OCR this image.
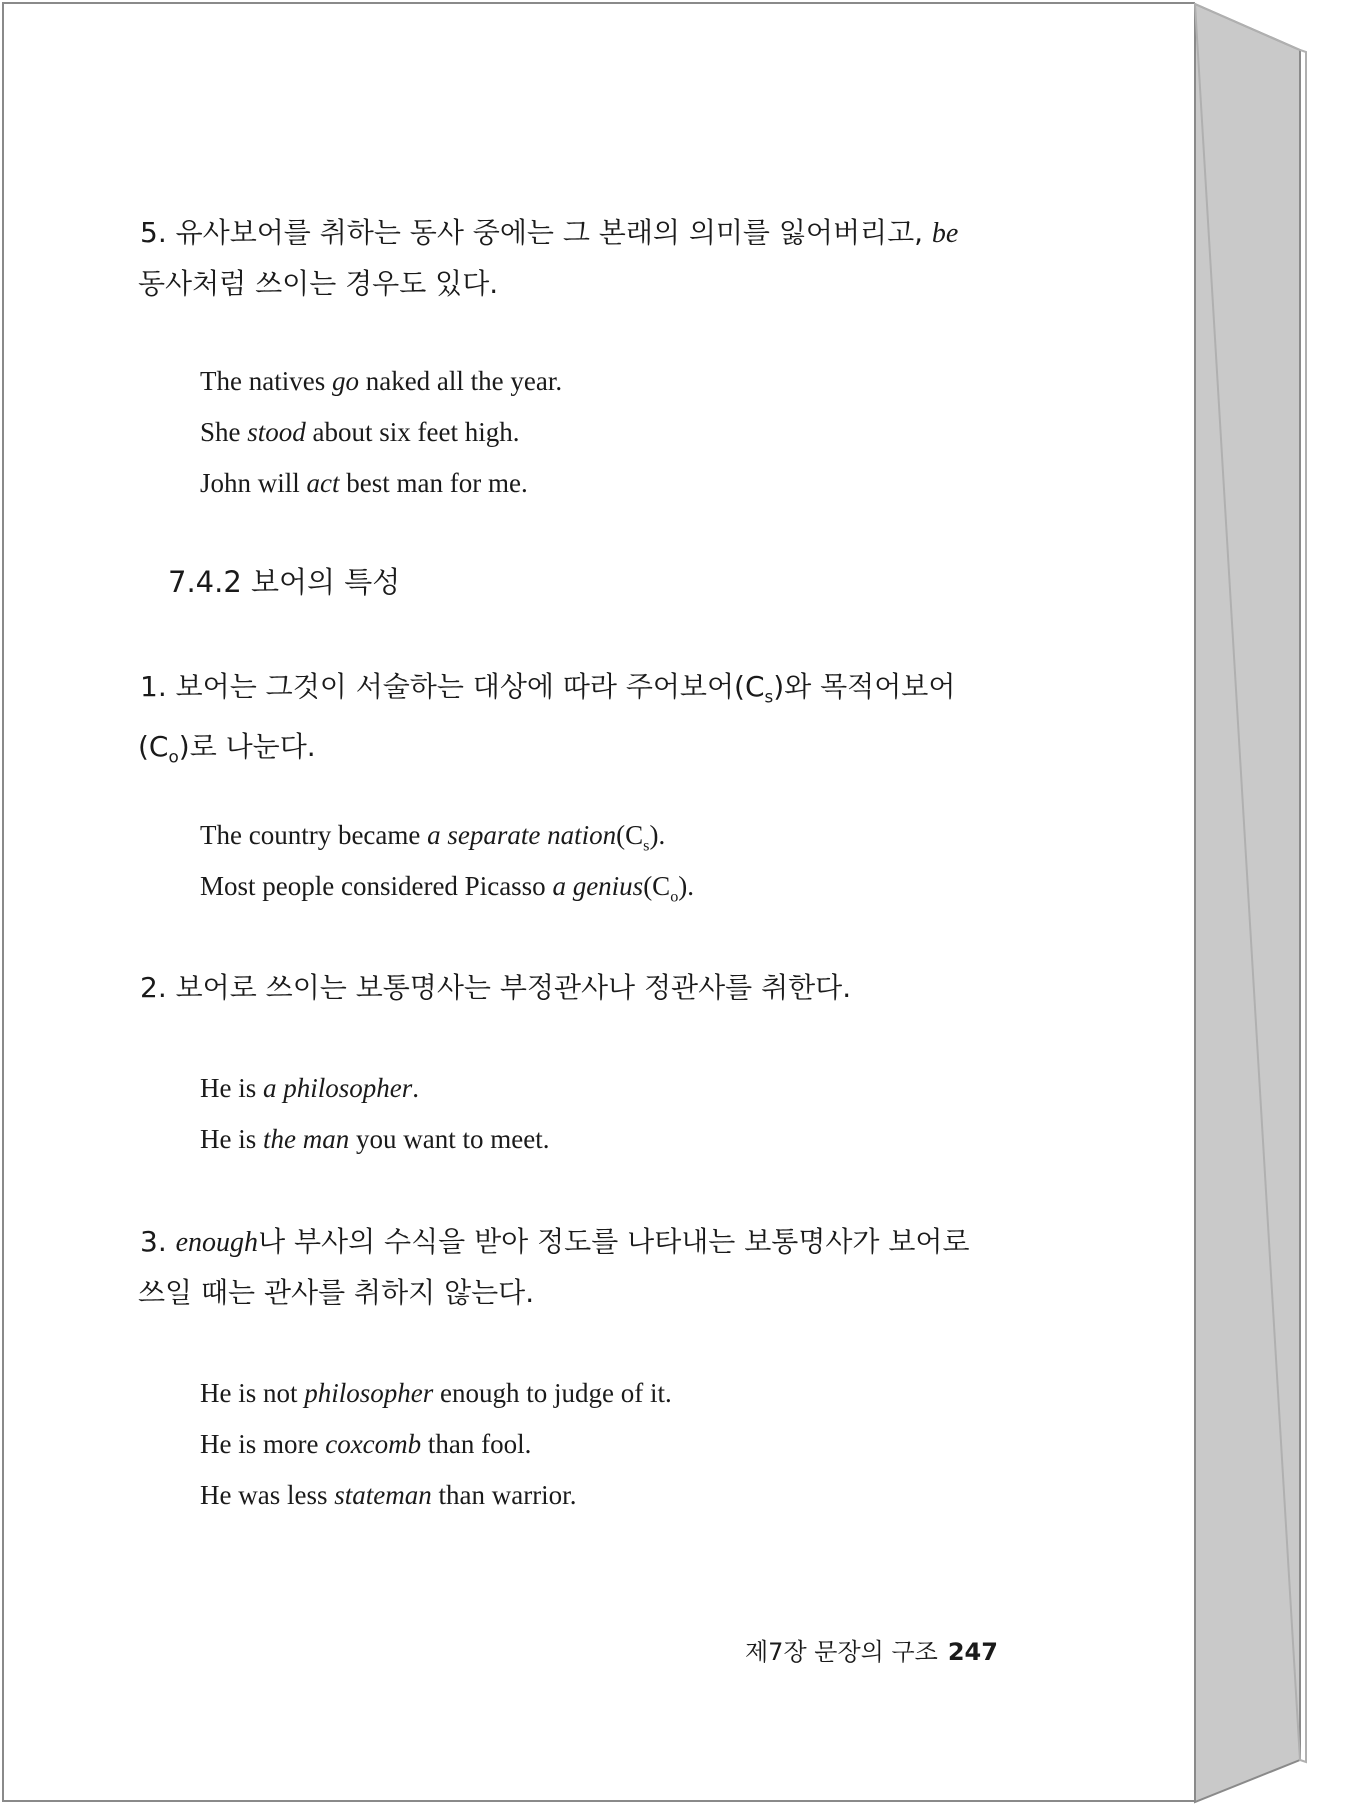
5. 유사보어를 취하는 동사 중에는 그 본래의 의미를 잃어버리고, be
동사처럼 쓰이는 경우도 있다.
The natives go naked all the year.
She stood about six feet high.
John will act best man for me.
7.4.2 보어의 특성
1. 보어는 그것이 서술하는 대상에 따라 주어보어$(C_s)$와 목적어보어
$(C_o)$로 나눈다.
The country became a separate $nation(C_s)$.
Most people considered Picasso a $genius(C_o)$.
2. 보어로 쓰이는 보통명사는 부정관사나 정관사를 취한다.
He is a philosopher.
He is the man you want to meet.
3. enough나 부사의 수식을 받아 정도를 나타내는 보통명사가 보어로
쓰일 때는 관사를 취하지 않는다.
He is not philosopher enough to judge of it.
He is more coxcomb than fool.
He was less stateman than warrior.
제7장 문장의 구조 247
